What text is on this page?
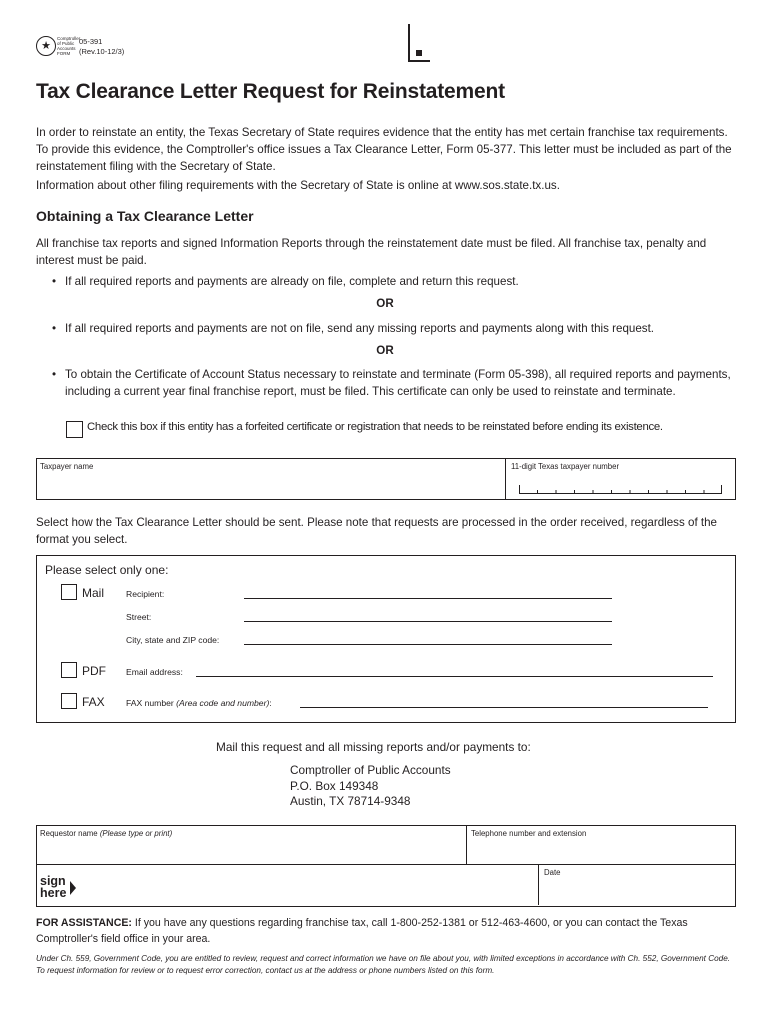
★
Comptroller
of Public
Accounts
FORM
05-391
(Rev.10-12/3)
Tax Clearance Letter Request for Reinstatement
In order to reinstate an entity, the Texas Secretary of State requires evidence that the entity has met certain franchise tax requirements. To provide this evidence, the Comptroller's office issues a Tax Clearance Letter, Form 05-377. This letter must be included as part of the reinstatement filing with the Secretary of State.
Information about other filing requirements with the Secretary of State is online at www.sos.state.tx.us.
Obtaining a Tax Clearance Letter
All franchise tax reports and signed Information Reports through the reinstatement date must be filed. All franchise tax, penalty and interest must be paid.
• If all required reports and payments are already on file, complete and return this request.
OR
• If all required reports and payments are not on file, send any missing reports and payments along with this request.
OR
• To obtain the Certificate of Account Status necessary to reinstate and terminate (Form 05-398), all required reports and payments, including a current year final franchise report, must be filed. This certificate can only be used to reinstate and terminate.
Check this box if this entity has a forfeited certificate or registration that needs to be reinstated before ending its existence.
Taxpayer name	11-digit Texas taxpayer number
Select how the Tax Clearance Letter should be sent. Please note that requests are processed in the order received, regardless of the format you select.
Please select only one:
Mail	Recipient:
Street:
City, state and ZIP code:
PDF Email address:
FAX FAX number (Area code and number):
Mail this request and all missing reports and/or payments to:
Comptroller of Public Accounts
P.O. Box 149348
Austin, TX 78714-9348
Requestor name (Please type or print)	Telephone number and extension
Date
sign
here
FOR ASSISTANCE: If you have any questions regarding franchise tax, call 1-800-252-1381 or 512-463-4600, or you can contact the Texas Comptroller's field office in your area.
Under Ch. 559, Government Code, you are entitled to review, request and correct information we have on file about you, with limited exceptions in accordance with Ch. 552, Government Code. To request information for review or to request error correction, contact us at the address or phone numbers listed on this form.
